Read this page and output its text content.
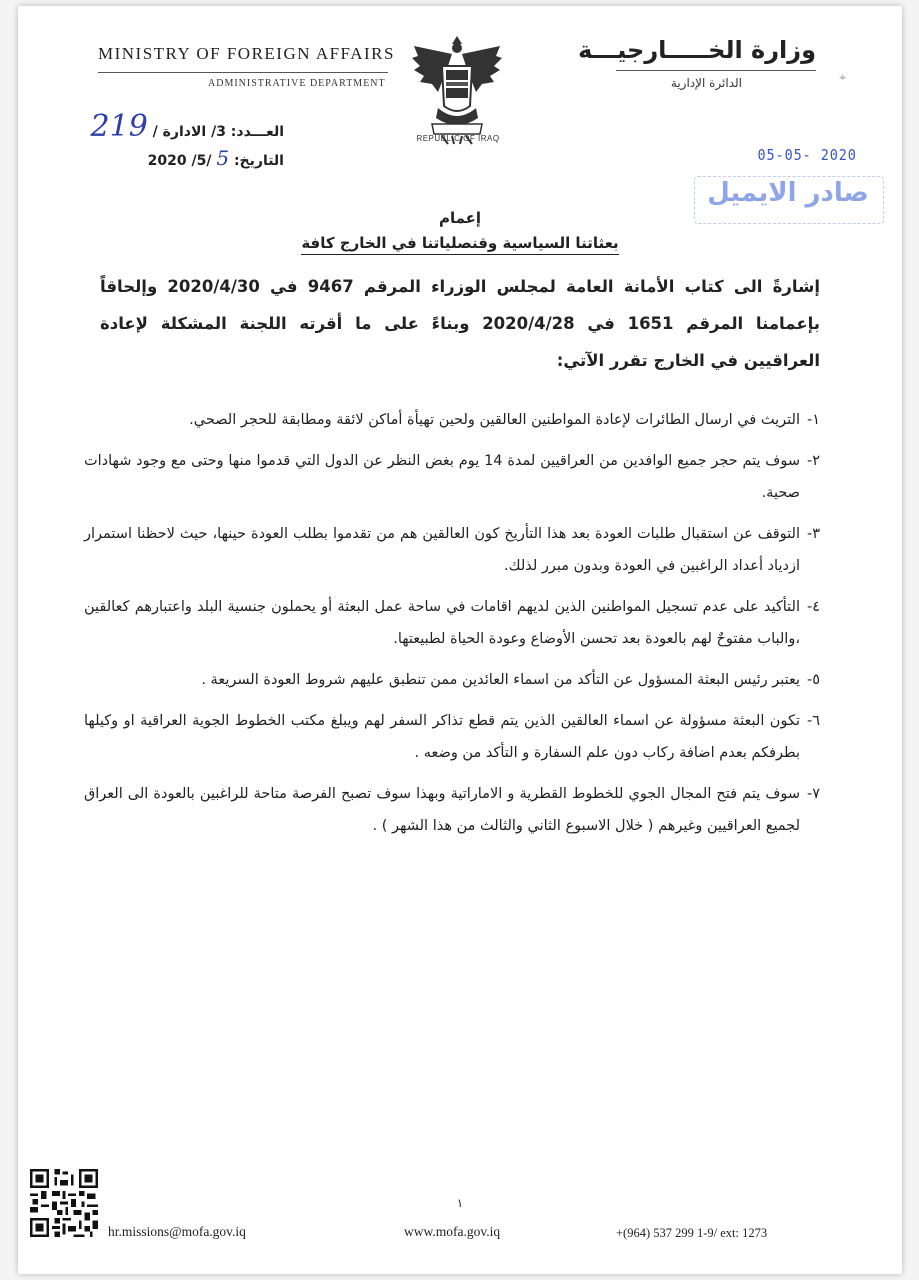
MINISTRY OF FOREIGN AFFAIRS
ADMINISTRATIVE DEPARTMENT
وزارة الخـــــارجيـــة
الدائرة الإدارية	⌖
REPUBLIC OF IRAQ
العـــدد: 3/ الادارة / 219
التاريخ: 5 /5/ 2020	05-05- 2020
صادر الايميل
إعمام
بعثاتنا السياسية وقنصلياتنا في الخارج كافة
إشارةً الى كتاب الأمانة العامة لمجلس الوزراء المرقم 9467 في 2020/4/30 وإلحاقاً بإعمامنا المرقم 1651 في 2020/4/28 وبناءً على ما أقرته اللجنة المشكلة لإعادة العراقيين في الخارج تقرر الآتي:
١-
التريث في ارسال الطائرات لإعادة المواطنين العالقين ولحين تهيأة أماكن لائقة ومطابقة للحجر الصحي.
٢-
سوف يتم حجر جميع الوافدين من العراقيين لمدة 14 يوم بغض النظر عن الدول التي قدموا منها وحتى مع وجود شهادات صحية.
٣-
التوقف عن استقبال طلبات العودة بعد هذا التأريخ كون العالقين هم من تقدموا بطلب العودة حينها، حيث لاحظنا استمرار ازدياد أعداد الراغبين في العودة وبدون مبرر لذلك.
٤-
التأكيد على عدم تسجيل المواطنين الذين لديهم اقامات في ساحة عمل البعثة أو يحملون جنسية البلد واعتبارهم كعالقين ،والباب مفتوحٌ لهم بالعودة بعد تحسن الأوضاع وعودة الحياة لطبيعتها.
٥-
يعتبر رئيس البعثة المسؤول عن التأكد من اسماء العائدين ممن تنطبق عليهم شروط العودة السريعة .
٦-
تكون البعثة مسؤولة عن اسماء العالقين الذين يتم قطع تذاكر السفر لهم ويبلغ مكتب الخطوط الجوية العراقية او وكيلها بطرفكم بعدم اضافة ركاب دون علم السفارة و التأكد من وضعه .
٧-
سوف يتم فتح المجال الجوي للخطوط القطرية و الاماراتية وبهذا سوف تصبح الفرصة متاحة للراغبين بالعودة الى العراق لجميع العراقيين وغيرهم ( خلال الاسبوع الثاني والثالث من هذا الشهر ) .
١
hr.missions@mofa.gov.iq	www.mofa.gov.iq	+(964) 537 299 1-9/ ext: 1273
